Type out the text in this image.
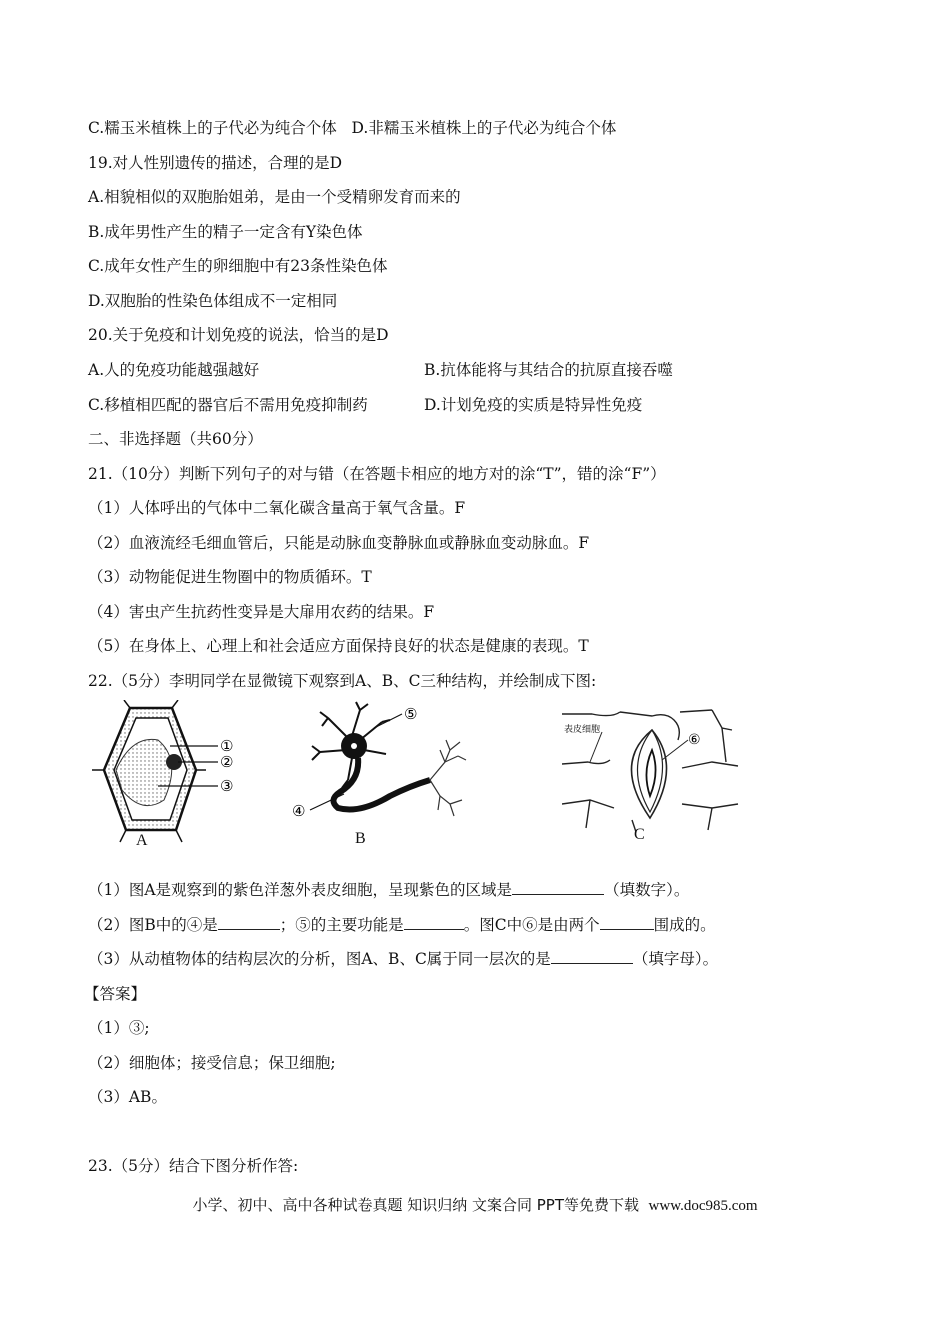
C.糯玉米植株上的子代必为纯合个体 D.非糯玉米植株上的子代必为纯合个体
19.对人性别遗传的描述，合理的是D
A.相貌相似的双胞胎姐弟，是由一个受精卵发育而来的
B.成年男性产生的精子一定含有Y染色体
C.成年女性产生的卵细胞中有23条性染色体
D.双胞胎的性染色体组成不一定相同
20.关于免疫和计划免疫的说法，恰当的是D
A.人的免疫功能越强越好	B.抗体能将与其结合的抗原直接吞噬
C.移植相匹配的器官后不需用免疫抑制药	D.计划免疫的实质是特异性免疫
二、非选择题（共60分）
21.（10分）判断下列句子的对与错（在答题卡相应的地方对的涂“T”，错的涂“F”）
（1）人体呼出的气体中二氧化碳含量高于氧气含量。F
（2）血液流经毛细血管后，只能是动脉血变静脉血或静脉血变动脉血。F
（3）动物能促进生物圈中的物质循环。T
（4）害虫产生抗药性变异是大扉用农药的结果。F
（5）在身体上、心理上和社会适应方面保持良好的状态是健康的表现。T
22.（5分）李明同学在显微镜下观察到A、B、C三种结构，并绘制成下图:
①
②
③
A
⑤
④
B
表皮细胞
⑥
C
（1）图A是观察到的紫色洋葱外表皮细胞，呈现紫色的区域是	（填数字）。
（2）图B中的④是	；⑤的主要功能是	。图C中⑥是由两个	围成的。
（3）从动植物体的结构层次的分析，图A、B、C属于同一层次的是	（填字母）。
【答案】
（1）③;
（2）细胞体；接受信息；保卫细胞;
（3）AB。
23.（5分）结合下图分析作答:
小学、初中、高中各种试卷真题 知识归纳 文案合同 PPT等免费下载 www.doc985.com
